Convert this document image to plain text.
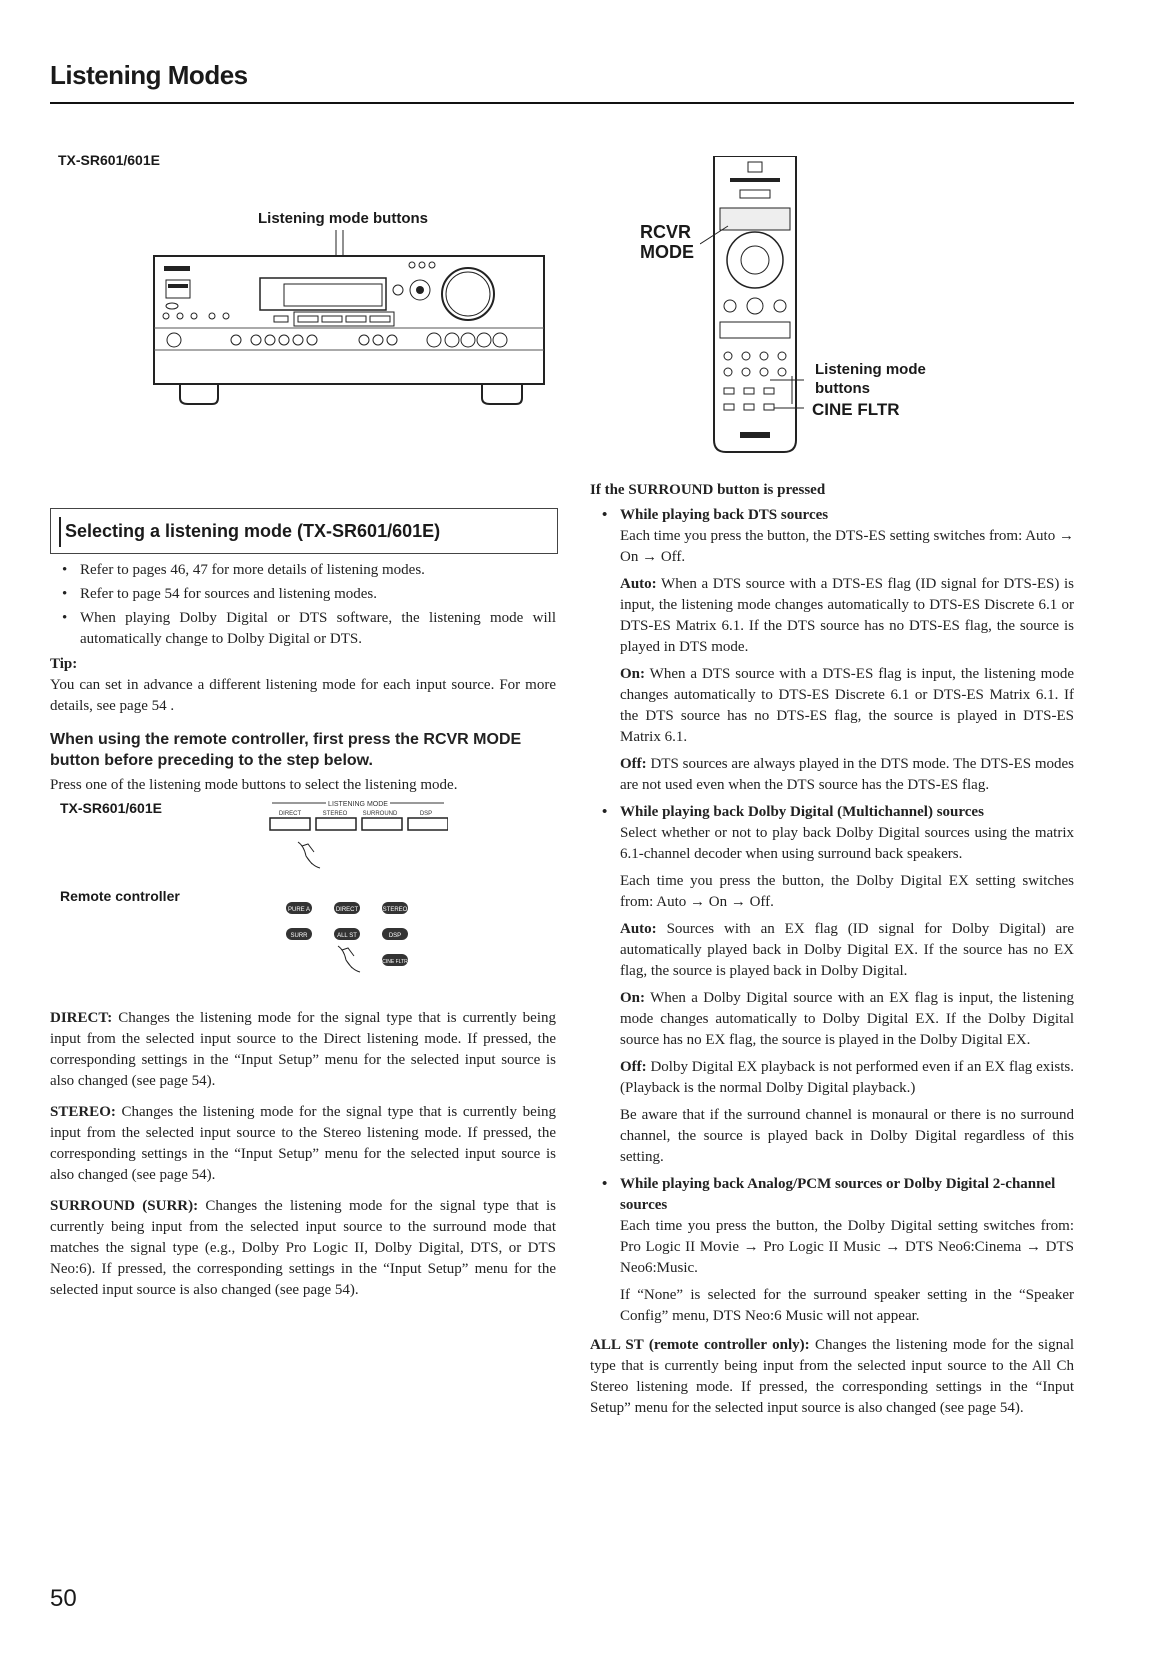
Listening Modes
TX-SR601/601E
Listening mode buttons
RCVR
MODE
Listening mode
buttons
CINE FLTR
Selecting a listening mode (TX-SR601/601E)
• Refer to pages 46, 47 for more details of listening modes.
• Refer to page 54 for sources and listening modes.
• When playing Dolby Digital or DTS software, the listening mode will automatically change to Dolby Digital or DTS.
Tip:

You can set in advance a different listening mode for each input source. For more details, see page 54 .

When using the remote controller, first press the RCVR MODE button before preceding to the step below.

Press one of the listening mode buttons to select the listening mode.

TX-SR601/601E
Remote controller
LISTENING MODE
DIRECT	STEREO	SURROUND	DSP
PURE A	DIRECT	STEREO
SURR	ALL ST	DSP
CINE FLTR

DIRECT: Changes the listening mode for the signal type that is currently being input from the selected input source to the Direct listening mode. If pressed, the corresponding settings in the “Input Setup” menu for the selected input source is also changed (see page 54).

STEREO: Changes the listening mode for the signal type that is currently being input from the selected input source to the Stereo listening mode. If pressed, the corresponding settings in the “Input Setup” menu for the selected input source is also changed (see page 54).

SURROUND (SURR): Changes the listening mode for the signal type that is currently being input from the selected input source to the surround mode that matches the signal type (e.g., Dolby Pro Logic II, Dolby Digital, DTS, or DTS Neo:6). If pressed, the corresponding settings in the “Input Setup” menu for the selected input source is also changed (see page 54).

If the SURROUND button is pressed
• While playing back DTS sources

Each time you press the button, the DTS-ES setting switches from: Auto → On → Off.

Auto: When a DTS source with a DTS-ES flag (ID signal for DTS-ES) is input, the listening mode changes automatically to DTS-ES Discrete 6.1 or DTS-ES Matrix 6.1. If the DTS source has no DTS-ES flag, the source is played in DTS mode.

On: When a DTS source with a DTS-ES flag is input, the listening mode changes automatically to DTS-ES Discrete 6.1 or DTS-ES Matrix 6.1. If the DTS source has no DTS-ES flag, the source is played in DTS-ES Matrix 6.1.

Off: DTS sources are always played in the DTS mode. The DTS-ES modes are not used even when the DTS source has the DTS-ES flag.

• While playing back Dolby Digital (Multichannel) sources

Select whether or not to play back Dolby Digital sources using the matrix 6.1-channel decoder when using surround back speakers.

Each time you press the button, the Dolby Digital EX setting switches from: Auto → On → Off.

Auto: Sources with an EX flag (ID signal for Dolby Digital) are automatically played back in Dolby Digital EX. If the source has no EX flag, the source is played back in Dolby Digital.

On: When a Dolby Digital source with an EX flag is input, the listening mode changes automatically to Dolby Digital EX. If the Dolby Digital source has no EX flag, the source is played in the Dolby Digital EX.

Off: Dolby Digital EX playback is not performed even if an EX flag exists. (Playback is the normal Dolby Digital playback.)

Be aware that if the surround channel is monaural or there is no surround channel, the source is played back in Dolby Digital regardless of this setting.

• While playing back Analog/PCM sources or Dolby Digital 2-channel sources

Each time you press the button, the Dolby Digital setting switches from: Pro Logic II Movie → Pro Logic II Music → DTS Neo6:Cinema → DTS Neo6:Music.

If “None” is selected for the surround speaker setting in the “Speaker Config” menu, DTS Neo:6 Music will not appear.

ALL ST (remote controller only): Changes the listening mode for the signal type that is currently being input from the selected input source to the All Ch Stereo listening mode. If pressed, the corresponding settings in the “Input Setup” menu for the selected input source is also changed (see page 54).

50
